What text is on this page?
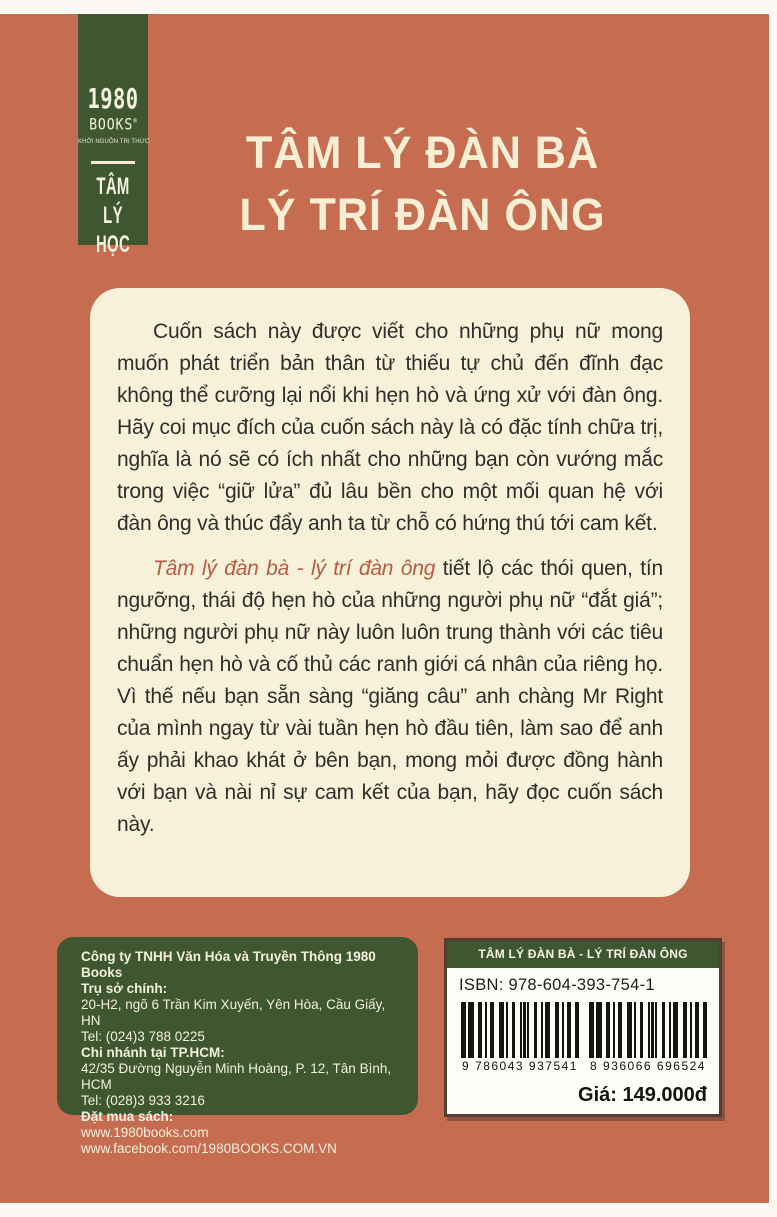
1980
BOOKS®
KHỞI NGUỒN TRI THỨC
TÂM LÝ
HỌC
TÂM LÝ ĐÀN BÀ
LÝ TRÍ ĐÀN ÔNG

Cuốn sách này được viết cho những phụ nữ mong muốn phát triển bản thân từ thiếu tự chủ đến đĩnh đạc không thể cưỡng lại nổi khi hẹn hò và ứng xử với đàn ông. Hãy coi mục đích của cuốn sách này là có đặc tính chữa trị, nghĩa là nó sẽ có ích nhất cho những bạn còn vướng mắc trong việc “giữ lửa” đủ lâu bền cho một mối quan hệ với đàn ông và thúc đẩy anh ta từ chỗ có hứng thú tới cam kết.

Tâm lý đàn bà - lý trí đàn ông tiết lộ các thói quen, tín ngưỡng, thái độ hẹn hò của những người phụ nữ “đắt giá”; những người phụ nữ này luôn luôn trung thành với các tiêu chuẩn hẹn hò và cố thủ các ranh giới cá nhân của riêng họ. Vì thế nếu bạn sẵn sàng “giăng câu” anh chàng Mr Right của mình ngay từ vài tuần hẹn hò đầu tiên, làm sao để anh ấy phải khao khát ở bên bạn, mong mỏi được đồng hành với bạn và nài nỉ sự cam kết của bạn, hãy đọc cuốn sách này.

Công ty TNHH Văn Hóa và Truyền Thông 1980 Books
Trụ sở chính:
20-H2, ngõ 6 Trần Kim Xuyến, Yên Hòa, Cầu Giấy, HN
Tel: (024)3 788 0225
Chi nhánh tại TP.HCM:
42/35 Đường Nguyễn Minh Hoàng, P. 12, Tân Bình, HCM
Tel: (028)3 933 3216
Đặt mua sách:
www.1980books.com
www.facebook.com/1980BOOKS.COM.VN
TÂM LÝ ĐÀN BÀ - LÝ TRÍ ĐÀN ÔNG
ISBN: 978-604-393-754-1
9 786043 937541 8 936066 696524
Giá: 149.000đ
